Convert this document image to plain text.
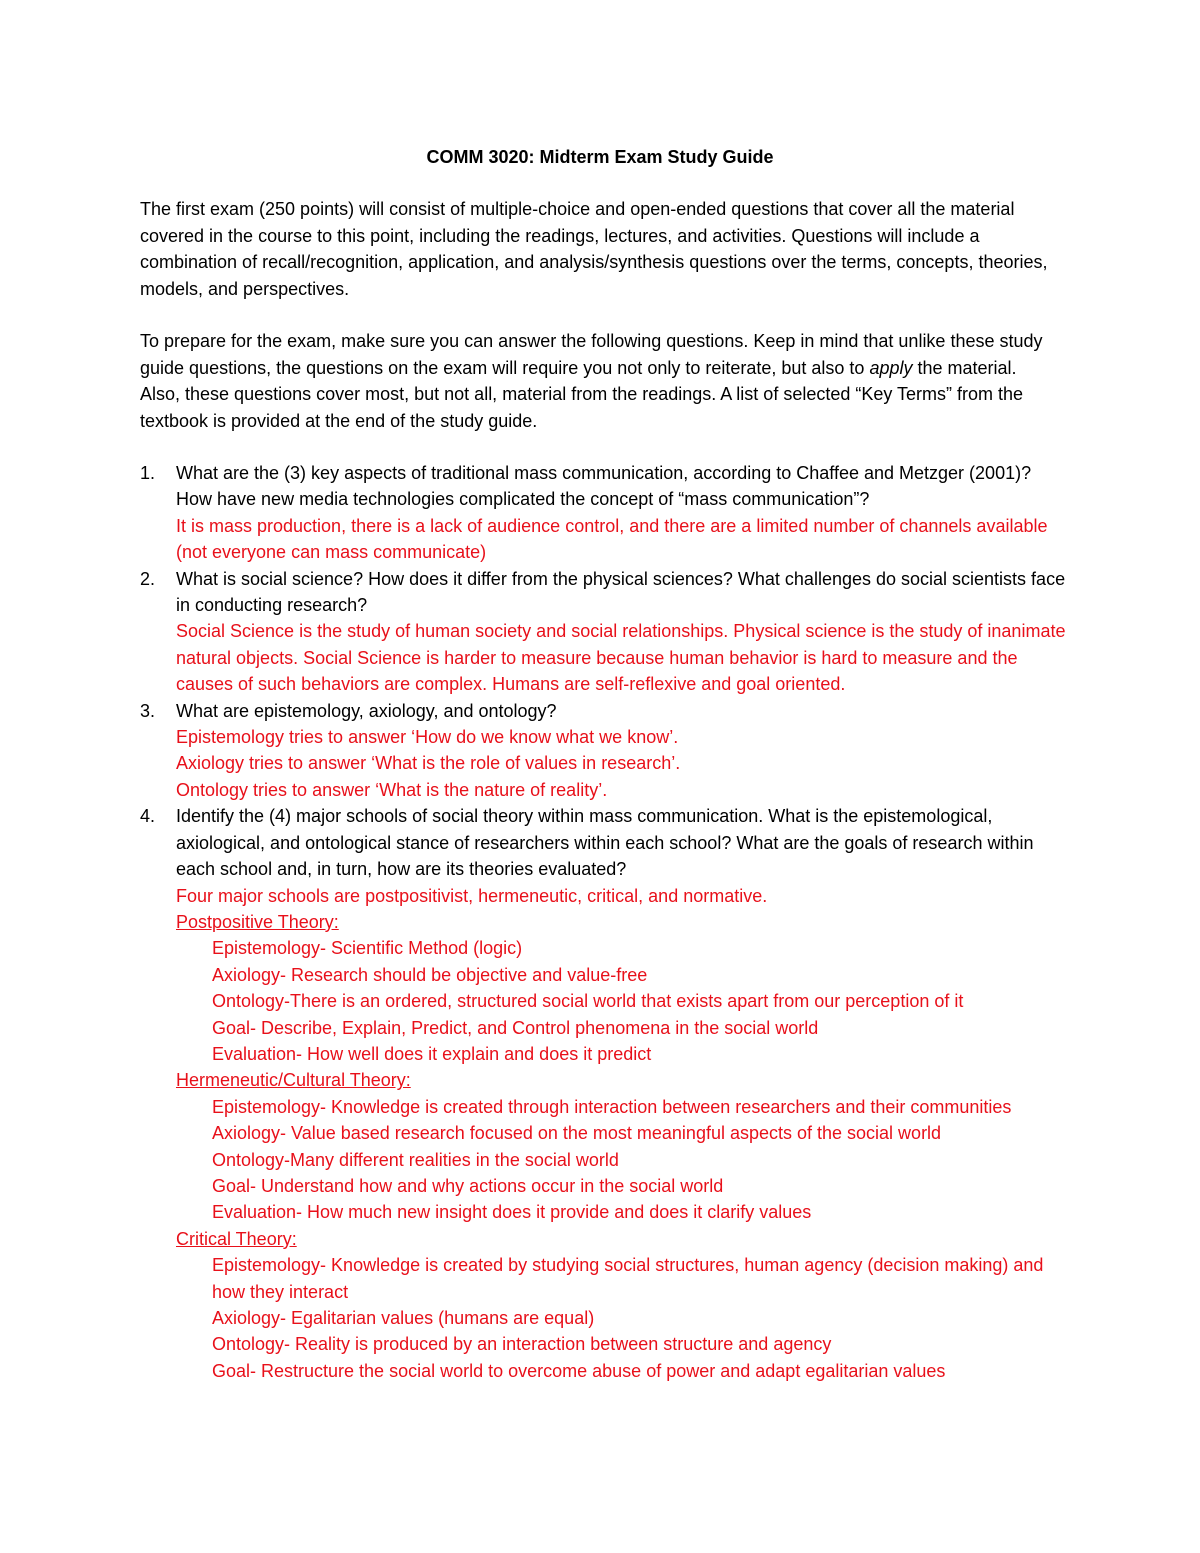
COMM 3020: Midterm Exam Study Guide
The first exam (250 points) will consist of multiple-choice and open-ended questions that cover all the material covered in the course to this point, including the readings, lectures, and activities. Questions will include a combination of recall/recognition, application, and analysis/synthesis questions over the terms, concepts, theories, models, and perspectives.
To prepare for the exam, make sure you can answer the following questions. Keep in mind that unlike these study guide questions, the questions on the exam will require you not only to reiterate, but also to apply the material. Also, these questions cover most, but not all, material from the readings. A list of selected “Key Terms” from the textbook is provided at the end of the study guide.
1. What are the (3) key aspects of traditional mass communication, according to Chaffee and Metzger (2001)? How have new media technologies complicated the concept of “mass communication”?
It is mass production, there is a lack of audience control, and there are a limited number of channels available (not everyone can mass communicate)
2. What is social science? How does it differ from the physical sciences? What challenges do social scientists face in conducting research?
Social Science is the study of human society and social relationships. Physical science is the study of inanimate natural objects. Social Science is harder to measure because human behavior is hard to measure and the causes of such behaviors are complex. Humans are self-reflexive and goal oriented.
3. What are epistemology, axiology, and ontology?
Epistemology tries to answer ‘How do we know what we know’.
Axiology tries to answer ‘What is the role of values in research’.
Ontology tries to answer ‘What is the nature of reality’.
4. Identify the (4) major schools of social theory within mass communication. What is the epistemological, axiological, and ontological stance of researchers within each school? What are the goals of research within each school and, in turn, how are its theories evaluated?
Four major schools are postpositivist, hermeneutic, critical, and normative.
Postpositive Theory:
Epistemology- Scientific Method (logic)
Axiology- Research should be objective and value-free
Ontology-There is an ordered, structured social world that exists apart from our perception of it
Goal- Describe, Explain, Predict, and Control phenomena in the social world
Evaluation- How well does it explain and does it predict
Hermeneutic/Cultural Theory:
Epistemology- Knowledge is created through interaction between researchers and their communities
Axiology- Value based research focused on the most meaningful aspects of the social world
Ontology-Many different realities in the social world
Goal- Understand how and why actions occur in the social world
Evaluation- How much new insight does it provide and does it clarify values
Critical Theory:
Epistemology- Knowledge is created by studying social structures, human agency (decision making) and how they interact
Axiology- Egalitarian values (humans are equal)
Ontology- Reality is produced by an interaction between structure and agency
Goal- Restructure the social world to overcome abuse of power and adapt egalitarian values
